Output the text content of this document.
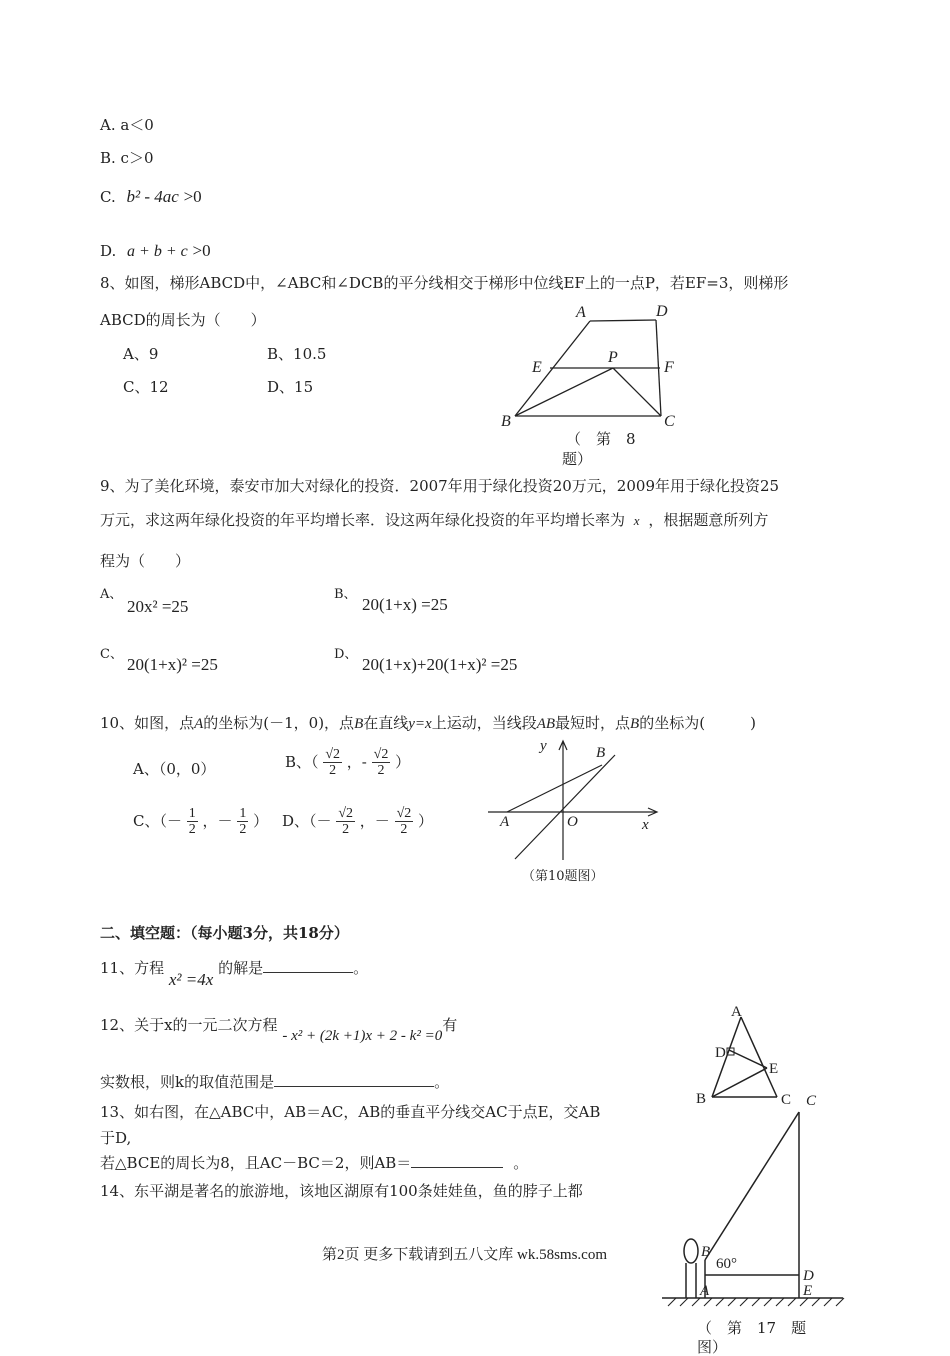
A. a＜0
B. c＞0
C. b² - 4ac >0
D. a + b + c >0
8、如图，梯形ABCD中，∠ABC和∠DCB的平分线相交于梯形中位线EF上的一点P，若EF=3，则梯形
ABCD的周长为（　　）
A、9	B、10.5
C、12	D、15
A	D
E
P
F
B	C
（　第　8
题）
9、为了美化环境，泰安市加大对绿化的投资．2007年用于绿化投资20万元，2009年用于绿化投资25
万元，求这两年绿化投资的年平均增长率．设这两年绿化投资的年平均增长率为 x ，根据题意所列方
程为（　　）
A、
20x² =25
B、
20(1+x) =25
C、
20(1+x)² =25
D、
20(1+x)+20(1+x)² =25
10、如图，点A的坐标为(－1，0)，点B在直线y=x上运动，当线段AB最短时，点B的坐标为(　　　)
A、（0，0）	B、（ $\frac{√2}{2}$ ，- $\frac{√2}{2}$ ）
C、（－ $\frac{1}{2}$ ，－ $\frac{1}{2}$ ） D、（－ $\frac{√2}{2}$ ，－ $\frac{√2}{2}$ ）
y	B
A	O	x
（第10题图）
二、填空题：（每小题3分，共18分）
11、方程 x² =4x 的解是	。
12、关于x的一元二次方程 - x² + (2k +1)x + 2 - k² =0有
实数根，则k的取值范围是	。
13、如右图，在△ABC中，AB＝AC，AB的垂直平分线交AC于点E，交AB
于D,
若△BCE的周长为8，且AC－BC＝2，则AB＝	。
A
D
E
B	C
14、东平湖是著名的旅游地，该地区湖原有100条娃娃鱼，鱼的脖子上都
C
B
60°
D
A	E
（　第　17　题
图）
第2页 更多下载请到五八文库 wk.58sms.com
